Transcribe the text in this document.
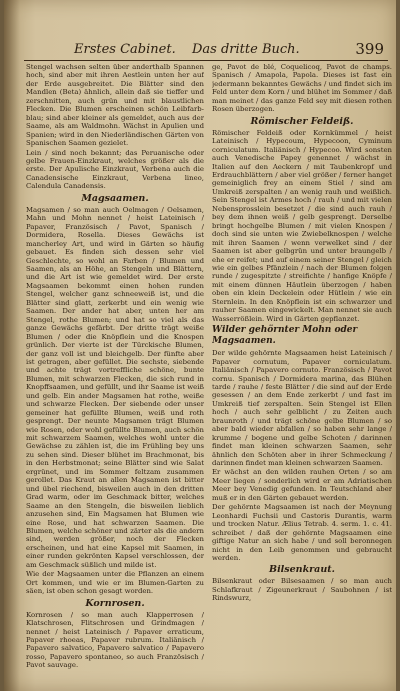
Erstes Cabinet. Das dritte Buch.	399

Stengel wachsen selten über anderthalb Spannen hoch, sind aber mit ihren Aestlein unten her auf der Erde ausgebreitet. Die Blätter sind den Mandlen (Beta) ähnlich, allein daß sie tieffer und zerschnitten, auch grün und mit blaustlichen Flecken. Die Blumen erscheinen schön Leibfarb-blau; sind aber kleiner als gemeldet, auch aus der Saame, als am Waldmohn. Wächst in Apulien und Spanien; wird in den Niederländischen Gärten von Spanischen Saamen gezielet.

Lein / sind noch bekannt; das Peruanische oder gelbe Frauen-Einzkraut, welches größer als die erste. Der Apulische Einzkraut, Verbena auch die Canadensische Einzkraut, Verbena lineo, Calendula Canadensis.

Magsaamen.

Magsamen / so man auch Oelmagen / Oelsamen, Mahn und Mohn nennet / heist Lateinisch / Papaver, Französisch / Pavot, Spanisch / Dormidera, Rosella. Dieses Gewächs ist mancherley Art, und wird in Gärten so häufig gebauet. Es finden sich dessen sehr viel Geschlechte, so wohl an Farben / Blumen und Saamen, als an Höhe, an Stengeln und Blättern, und die Art ist wie gemeldet wird. Der erste Magsaamen bekommt einen hohen runden Stengel, welcher ganz schneeweiß ist, und die Blätter sind glatt, zerkerbt und ein wenig wie Saamen. Der ander hat aber, unten her am Stengel, rothe Blumen; und hat so viel als das ganze Gewächs gefärbt. Der dritte trägt weiße Blumen / oder die Knöpflein und die Knospen grünlich. Der vierte ist der Türckische Blumen, der ganz voll ist und bleichgelb. Der fünfte aber ist getragen, aber gefüllet. Die sechste, siebende und achte trägt vortreffliche schöne, bunte Blumen, mit schwarzen Flecken, die sich rund in Knopffsaamen, und gefüllt, und ihr Saame ist weiß und gelb. Ein ander Magsamen hat rothe, weiße und schwarze Flecken. Der siebende oder unser gemeiner hat gefüllte Blumen, weiß und roth gesprengt. Der neunte Magsamen trägt Blumen wie Rosen, oder wohl gefüllte Blumen, auch schön mit schwarzem Saamen, welches wohl unter die Gewächse zu zählen ist, die im Frühling bey uns zu sehen sind. Dieser blühet im Brachmonat, bis in den Herbstmonat; seine Blätter sind wie Salat ergrünet, und im Sommer feltzam zusammen gerollet. Das Kraut an allen Magsamen ist bitter und übel riechend, bisweilen auch in den dritten Grad warm, oder im Geschmack bitter, welches Saame an den Stengeln, die bisweilen lieblich anzusehen sind, Ein Magsamen hat Blumen wie eine Rose, und hat schwarzen Saamen. Die Blumen, welche schöner und zärter als die andern sind, werden größer, noch der Flecken erscheinen, und hat eine Kapsel mit Saamen, in einer runden gekrönten Kapsel verschlossen, der am Geschmack süßlich und milde ist.

Wie der Magsaamen unter die Pflanzen an einem Ort kommen, und wie er im Blumen-Garten zu säen, ist oben schon gesagt worden.

Kornrosen.

Kornrosen / so man auch Klapperrosen / Klatschrosen, Flitschrosen und Grindmagen / nennet / heist Lateinisch / Papaver erraticum, Papaver rhoeas, Papaver rubrum. Italiänisch / Papavero salvatico, Papavero salvatico / Papavero rosso, Papavero spontaneo, so auch Französisch / Pavot sauvage.

ge, Pavot de blé, Coquelicoq, Pavot de champs. Spanisch / Amapola, Papola. Dieses ist fast ein jedermann bekanntes Gewächs / und findet sich im Feld unter dem Korn / und blühet im Sommer / daß man meinet / das ganze Feld sey mit diesen rothen Rosen überzogen.

Römischer Feldeiß.

Römischer Feldeiß oder Kornkümmel / heist Lateinisch / Hypecoum, Hypecoon, Cyminum corniculatum. Italiänisch / Hypecoo. Wird sonsten auch Venedische Papey genennet / wächst in Italien auf den Aeckern / mit Taubenkropf und Erdrauchblättern / aber viel größer / ferner hanget gemeiniglich frey an einem Stiel / sind am Umkreiß zerspalten / an wenig rauh und weißlich. Sein Stengel ist Armes hoch / rauh / und mit vielen Nebensprosslein besetzet / die sind auch rauh / bey dem ihnen weiß / gelb gesprengt. Derselbe bringt hochgelbe Blumen / mit vielen Knospen / doch sind sie unten wie Zwiebelknospen / welche mit ihren Saamen / wenn verwelket sind / der Saamen ist aber gelbgrün und unter braungelb / ehe er reifet; und auf einem seiner Stengel / gleich wie ein gelbes Pfänzlein / nach der Blumen folgen runde / zugespitzte / streifichte / hanfige Knöpfe / mit einem dünnen Häutlein überzogen / haben oben ein klein Deckelein oder Hütlein / wie ein Sternlein. In den Knöpflein ist ein schwarzer und rauher Saamen eingewickelt. Man nennet sie auch Wasserrößlein. Wird in Gärten gepflanzet.

Wilder gehörnter Mohn oder Magsaamen.

Der wilde gehörnte Magsaamen heist Lateinisch / Papaver cornutum, Papaver corniculatum. Italiänisch / Papavero cornuto. Französisch / Pavot cornu. Spanisch / Dormidera marina, das Blühen tarde / rauhe / feste Blätter / die sind auf der Erde gesessen / an dem Ende zerkerbt / und fast im Umkreiß tief zerspalten. Sein Stengel ist Ellen hoch / auch sehr gelblicht / zu Zeiten auch braunroth / und trägt schöne gelbe Blumen / so aber bald wieder abfallen / so haben sehr lange / krumme / bogene und gelbe Schoten / darinnen findet man kleinen schwarzen Saamen, sehr ähnlich den Schöten aber in ihrer Schmeckung / darinnen findet man kleinen schwarzen Saamen.

Er wächst an den wilden rauhen Orten / so am Meer liegen / sonderlich wird er am Adriatischen Meer bey Venedig gefunden. In Teutschland aber muß er in den Gärten gebauet werden.

Der gehörnte Magsaamen ist nach der Meynung Leonhardi Fuchsii und Castoris Durantis, warm und trocken Natur. Ælius Tetrab. 4. serm. 1. c. 41. schreibet / daß der gehörnte Magsaamen eine giftige Natur an sich habe / und soll beronnegen nicht in den Leib genommen und gebraucht werden.

Bilsenkraut.

Bilsenkraut oder Bilsesaamen / so man auch Schlafkraut / Zigeunerkraut / Saubohnen / ist Rindswurz,
